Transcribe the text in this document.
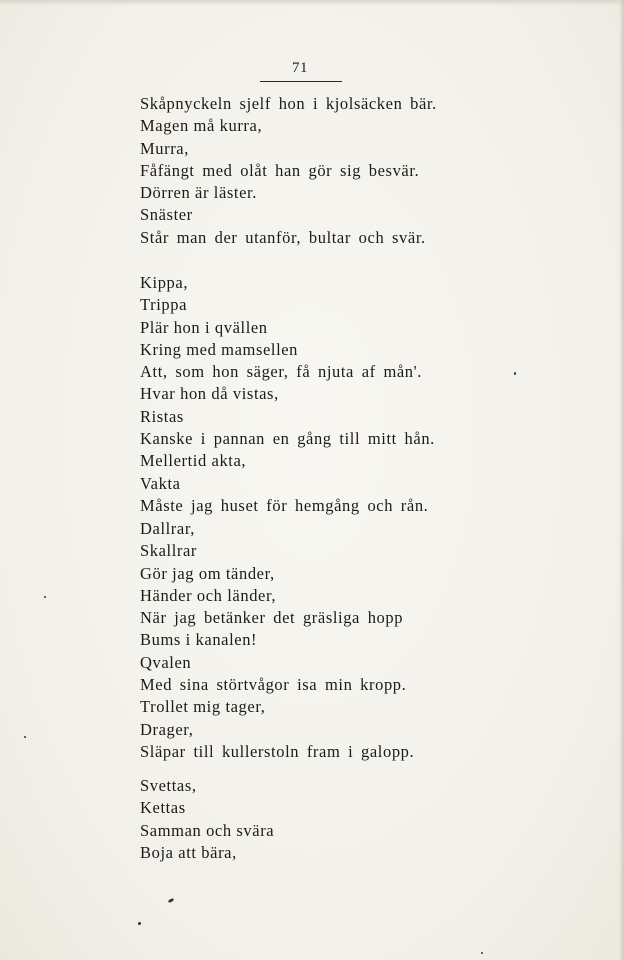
71
Skåpnyckeln sjelf hon i kjolsäcken bär.
Magen må kurra,
Murra,
Fåfängt med olåt han gör sig besvär.
Dörren är läster.
Snäster
Står man der utanför, bultar och svär.
Kippa,
Trippa
Plär hon i qvällen
Kring med mamsellen
Att, som hon säger, få njuta af mån'.
Hvar hon då vistas,
Ristas
Kanske i pannan en gång till mitt hån.
Mellertid akta,
Vakta
Måste jag huset för hemgång och rån.
Dallrar,
Skallrar
Gör jag om tänder,
Händer och länder,
När jag betänker det gräsliga hopp
Bums i kanalen!
Qvalen
Med sina störtvågor isa min kropp.
Trollet mig tager,
Drager,
Släpar till kullerstoln fram i galopp.
Svettas,
Kettas
Samman och svära
Boja att bära,
